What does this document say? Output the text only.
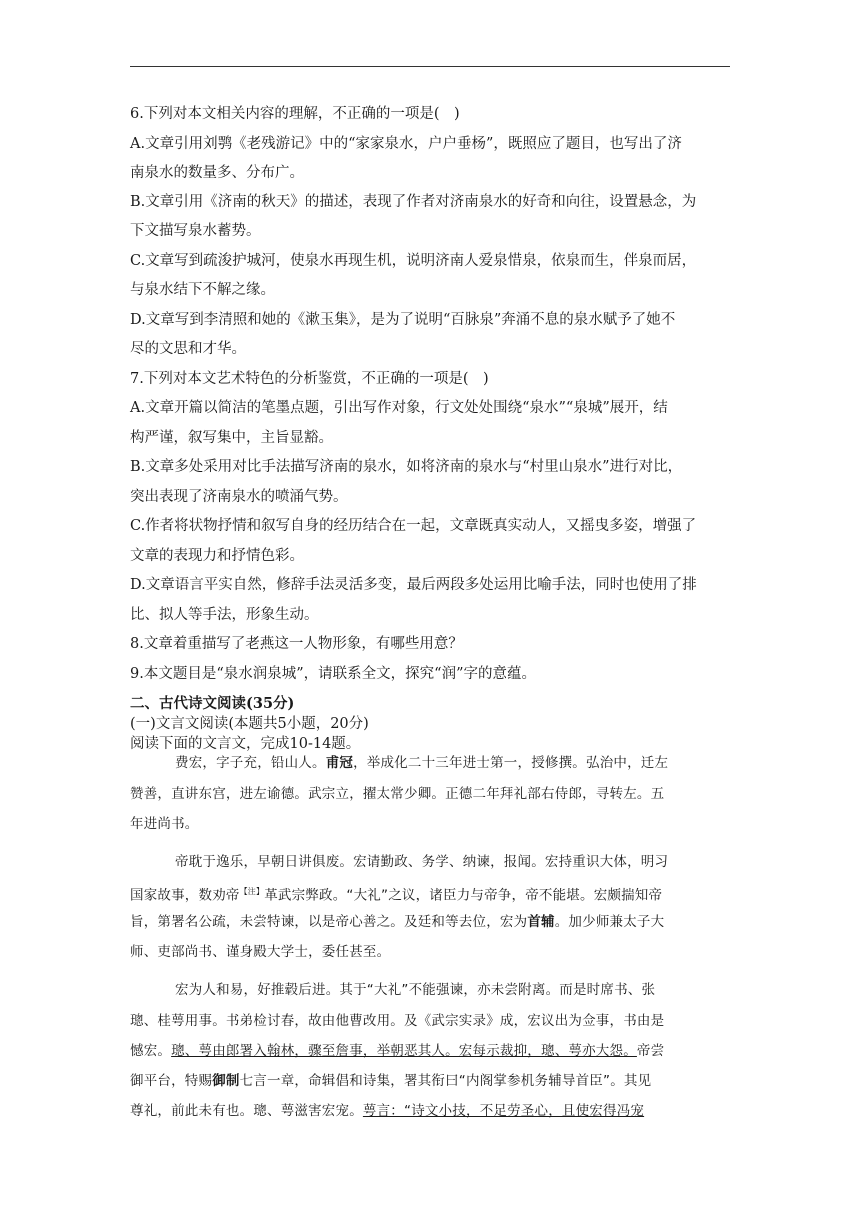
6.下列对本文相关内容的理解，不正确的一项是(　)
A.文章引用刘鹗《老残游记》中的“家家泉水，户户垂杨”，既照应了题目，也写出了济
南泉水的数量多、分布广。
B.文章引用《济南的秋天》的描述，表现了作者对济南泉水的好奇和向往，设置悬念，为
下文描写泉水蓄势。
C.文章写到疏浚护城河，使泉水再现生机，说明济南人爱泉惜泉，依泉而生，伴泉而居，
与泉水结下不解之缘。
D.文章写到李清照和她的《漱玉集》，是为了说明“百脉泉”奔涌不息的泉水赋予了她不
尽的文思和才华。
7.下列对本文艺术特色的分析鉴赏，不正确的一项是(　)
A.文章开篇以简洁的笔墨点题，引出写作对象，行文处处围绕“泉水”“泉城”展开，结
构严谨，叙写集中，主旨显豁。
B.文章多处采用对比手法描写济南的泉水，如将济南的泉水与“村里山泉水”进行对比，
突出表现了济南泉水的喷涌气势。
C.作者将状物抒情和叙写自身的经历结合在一起，文章既真实动人，又摇曳多姿，增强了
文章的表现力和抒情色彩。
D.文章语言平实自然，修辞手法灵活多变，最后两段多处运用比喻手法，同时也使用了排
比、拟人等手法，形象生动。
8.文章着重描写了老燕这一人物形象，有哪些用意？
9.本文题目是“泉水润泉城”，请联系全文，探究“润”字的意蕴。
二、古代诗文阅读(35分)
(一)文言文阅读(本题共5小题，20分)
阅读下面的文言文，完成10-14题。
费宏，字子充，铅山人。甫冠，举成化二十三年进士第一，授修撰。弘治中，迁左
赞善，直讲东宫，进左谕德。武宗立，擢太常少卿。正德二年拜礼部右侍郎，寻转左。五
年进尚书。
帝耽于逸乐，早朝日讲俱废。宏请勤政、务学、纳谏，报闻。宏持重识大体，明习
国家故事，数劝帝$^{【注】}$革武宗弊政。“大礼”之议，诸臣力与帝争，帝不能堪。宏颇揣知帝
旨，第署名公疏，未尝特谏，以是帝心善之。及廷和等去位，宏为首辅。加少师兼太子大
师、吏部尚书、谨身殿大学士，委任甚至。
宏为人和易，好推毂后进。其于“大礼”不能强谏，亦未尝附离。而是时席书、张
璁、桂萼用事。书弟检讨春，故由他曹改用。及《武宗实录》成，宏议出为佥事，书由是
憾宏。璁、萼由郎署入翰林，骤至詹事，举朝恶其人。宏每示裁抑，璁、萼亦大怨。帝尝
御平台，特赐御制七言一章，命辑倡和诗集，署其衔曰“内阁掌参机务辅导首臣”。其见
尊礼，前此未有也。璁、萼滋害宏宠。萼言：“诗文小技，不足劳圣心，且使宏得冯宠
